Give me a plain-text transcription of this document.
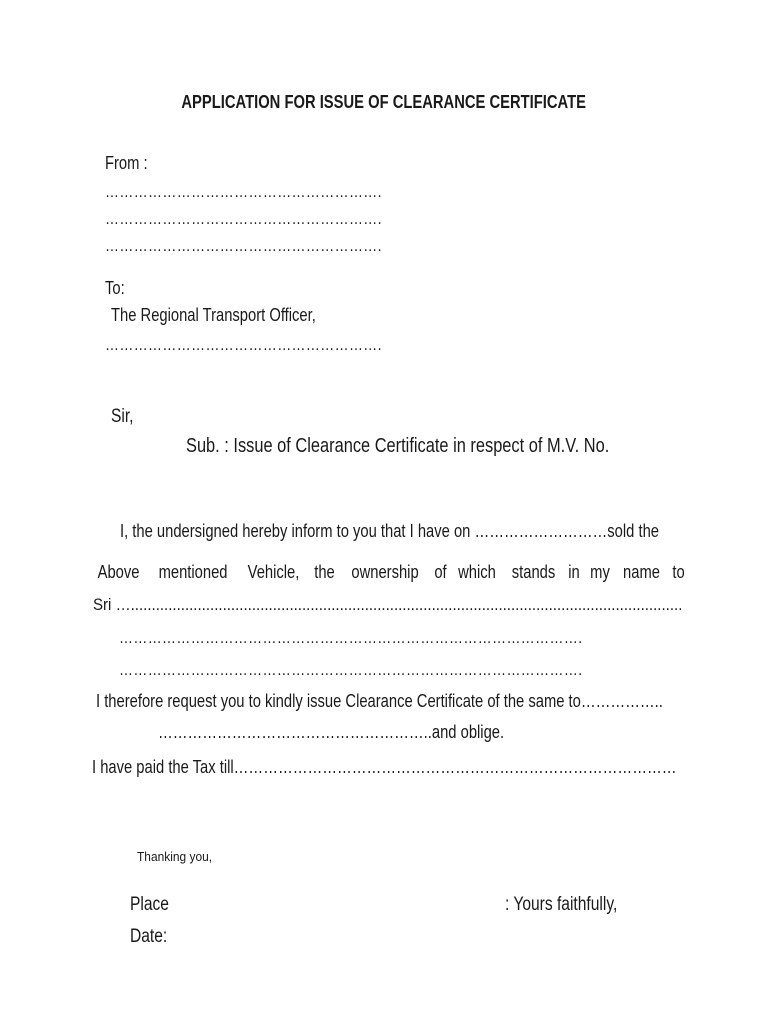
APPLICATION FOR ISSUE OF CLEARANCE CERTIFICATE
From :
………………………………………………….
………………………………………………….
………………………………………………….
To:
The Regional Transport Officer,
………………………………………………….
Sir,
Sub. : Issue of Clearance Certificate in respect of M.V. No.
I, the undersigned hereby inform to you that I have on ………………………sold the
Above mentioned Vehicle, the ownership of which stands in my name to
Sri …....................................................................................................................................
…………………………………………………………………………………….
…………………………………………………………………………………….
I therefore request you to kindly issue Clearance Certificate of the same to……………..
………………………………………………..and oblige.
I have paid the Tax till………………………………………………………………………………
Thanking you,
Place	: Yours faithfully,
Date:
